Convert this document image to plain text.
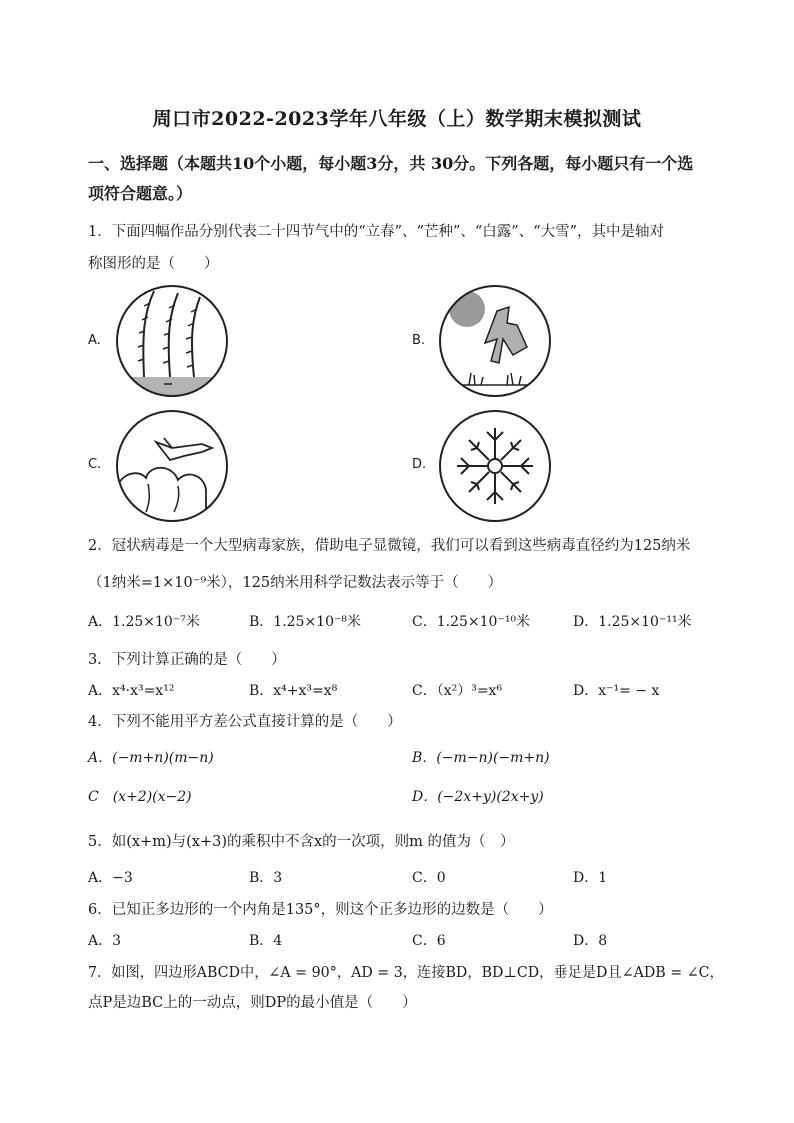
周口市2022-2023学年八年级（上）数学期末模拟测试
一、选择题（本题共10个小题，每小题3分，共 30分。下列各题，每小题只有一个选
项符合题意。）
1．下面四幅作品分别代表二十四节气中的“立春”、“芒种”、“白露”、“大雪”，其中是轴对
称图形的是（　　）
A.	B.
C.	D.
2．冠状病毒是一个大型病毒家族，借助电子显微镜，我们可以看到这些病毒直径约为125纳米
（1纳米=1×10⁻⁹米），125纳米用科学记数法表示等于（　　）
A．1.25×10⁻⁷米	B．1.25×10⁻⁸米	C．1.25×10⁻¹⁰米	D．1.25×10⁻¹¹米
3．下列计算正确的是（　　）
A．x⁴·x³=x¹²	B．x⁴+x³=x⁸	C．（x²）³=x⁶	D．x⁻¹= − x
4．下列不能用平方差公式直接计算的是（　　）
A．(−m+n)(m−n)	B．(−m−n)(−m+n)
C　(x+2)(x−2)	D．(−2x+y)(2x+y)
5．如(x+m)与(x+3)的乘积中不含x的一次项，则m 的值为（　）
A．−3	B．3	C．0	D．1
6．已知正多边形的一个内角是135°，则这个正多边形的边数是（　　）
A．3	B．4	C．6	D．8
7．如图，四边形ABCD中，∠A = 90°，AD = 3，连接BD，BD⊥CD，垂足是D且∠ADB = ∠C，
点P是边BC上的一动点，则DP的最小值是（　　）
